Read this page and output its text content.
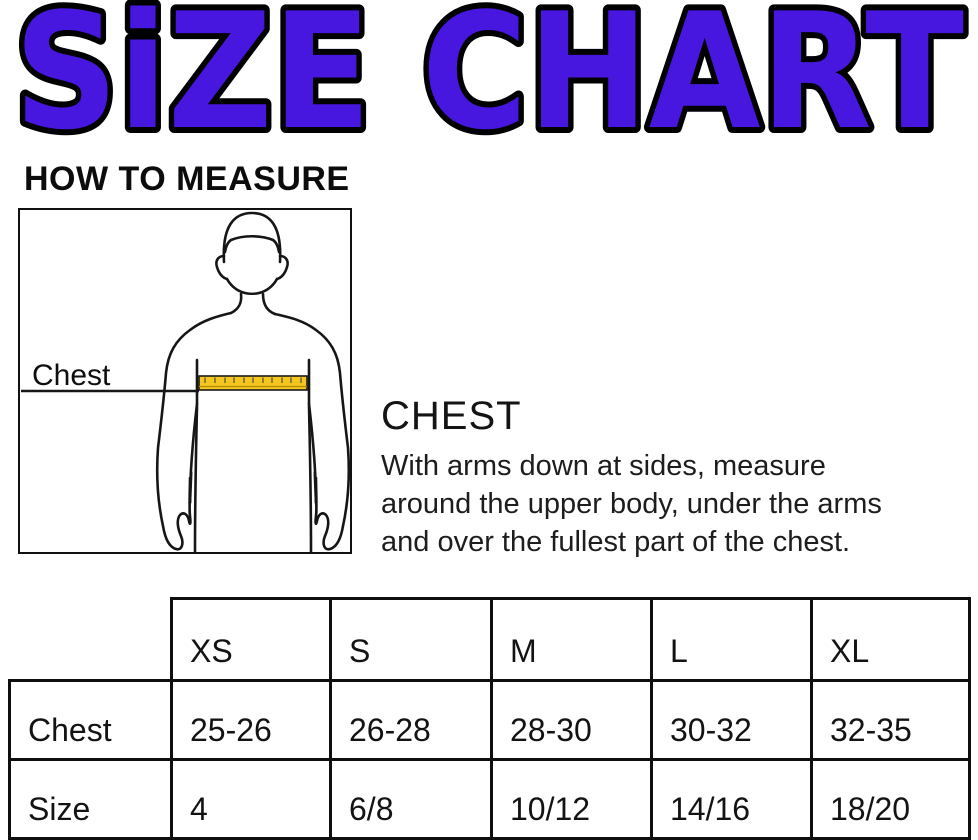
SiZE CHART
HOW TO MEASURE
Chest
CHEST
With arms down at sides, measure
around the upper body, under the arms
and over the fullest part of the chest.
	XS	S	M	L	XL
Chest	25-26	26-28	28-30	30-32	32-35
Size	4	6/8	10/12	14/16	18/20
